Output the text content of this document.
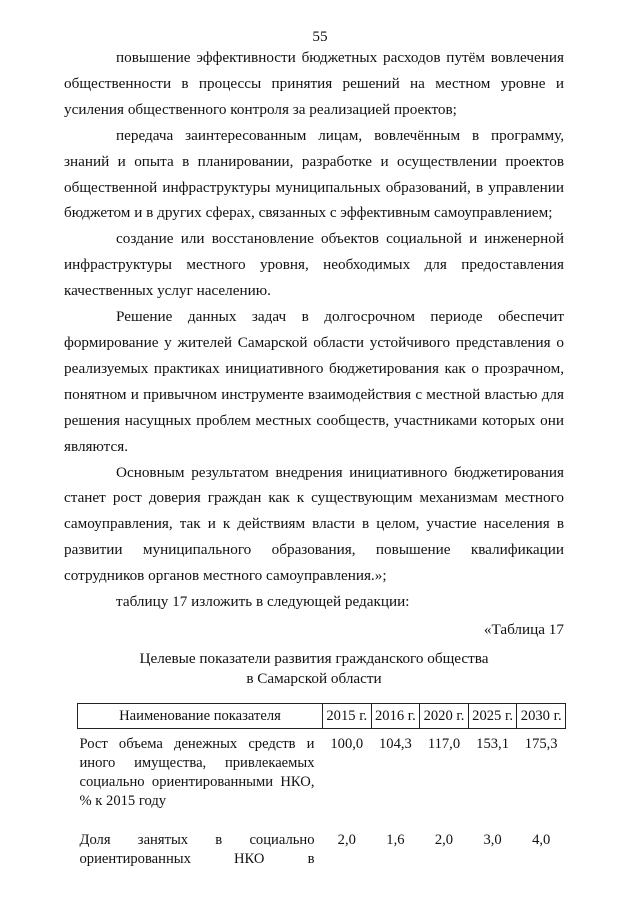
55

повышение эффективности бюджетных расходов путём вовлечения общественности в процессы принятия решений на местном уровне и усиления общественного контроля за реализацией проектов;

передача заинтересованным лицам, вовлечённым в программу, знаний и опыта в планировании, разработке и осуществлении проектов общественной инфраструктуры муниципальных образований, в управлении бюджетом и в других сферах, связанных с эффективным самоуправлением;

создание или восстановление объектов социальной и инженерной инфраструктуры местного уровня, необходимых для предоставления качественных услуг населению.

Решение данных задач в долгосрочном периоде обеспечит формирование у жителей Самарской области устойчивого представления о реализуемых практиках инициативного бюджетирования как о прозрачном, понятном и привычном инструменте взаимодействия с местной властью для решения насущных проблем местных сообществ, участниками которых они являются.

Основным результатом внедрения инициативного бюджетирования станет рост доверия граждан как к существующим механизмам местного самоуправления, так и к действиям власти в целом, участие населения в развитии муниципального образования, повышение квалификации сотрудников органов местного самоуправления.»;

таблицу 17 изложить в следующей редакции:

«Таблица 17
Целевые показатели развития гражданского общества
в Самарской области
Наименование показателя	2015 г.	2016 г.	2020 г.	2025 г.	2030 г.
Рост объема денежных средств и иного имущества, привлекаемых социально ориентированными НКО, % к 2015 году	100,0	104,3	117,0	153,1	175,3

Доля занятых в социально ориентированных НКО в	2,0	1,6	2,0	3,0	4,0
